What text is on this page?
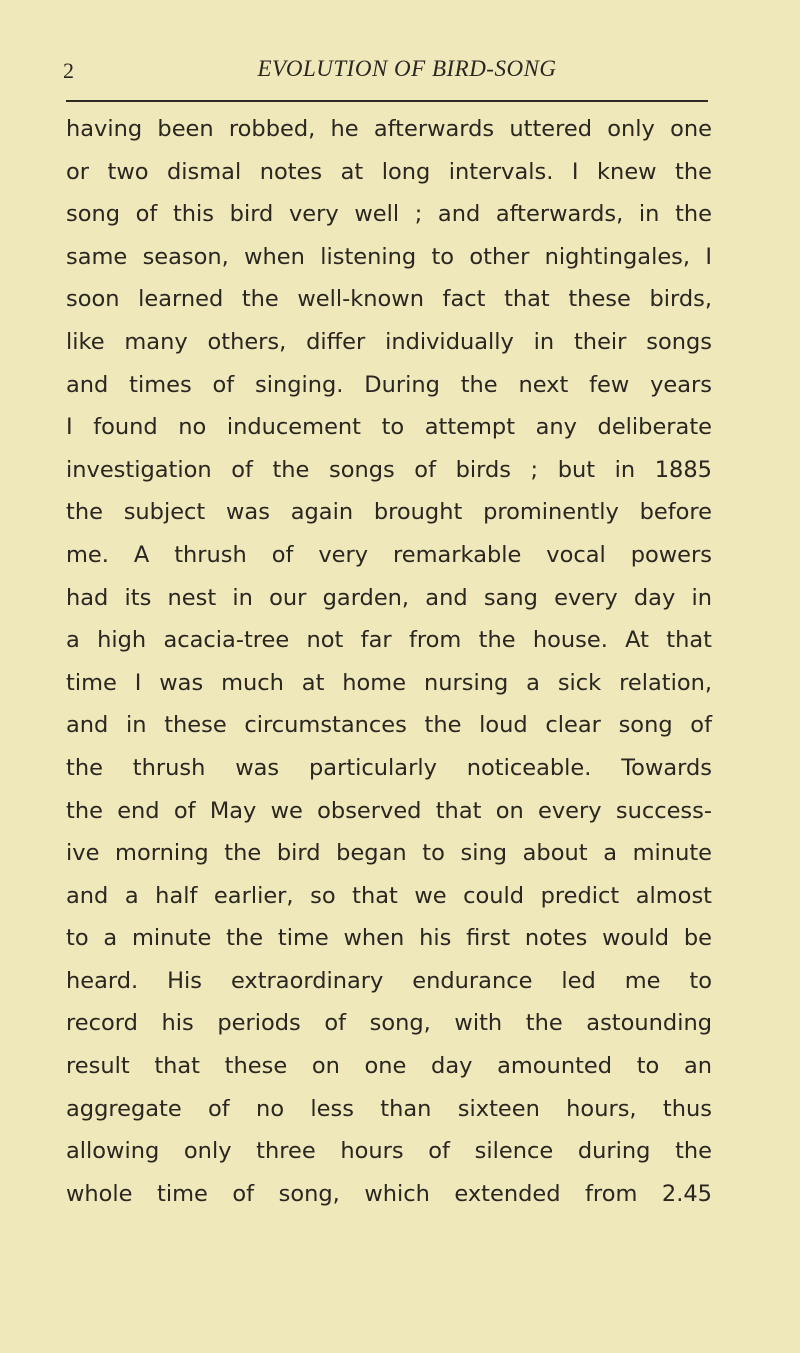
2	EVOLUTION OF BIRD-SONG
having been robbed, he afterwards uttered only one
or two dismal notes at long intervals. I knew the
song of this bird very well ; and afterwards, in the
same season, when listening to other nightingales, I
soon learned the well-known fact that these birds,
like many others, differ individually in their songs
and times of singing. During the next few years
I found no inducement to attempt any deliberate
investigation of the songs of birds ; but in 1885
the subject was again brought prominently before
me. A thrush of very remarkable vocal powers
had its nest in our garden, and sang every day in
a high acacia-tree not far from the house. At that
time I was much at home nursing a sick relation,
and in these circumstances the loud clear song of
the thrush was particularly noticeable. Towards
the end of May we observed that on every success-
ive morning the bird began to sing about a minute
and a half earlier, so that we could predict almost
to a minute the time when his first notes would be
heard. His extraordinary endurance led me to
record his periods of song, with the astounding
result that these on one day amounted to an
aggregate of no less than sixteen hours, thus
allowing only three hours of silence during the
whole time of song, which extended from 2.45
